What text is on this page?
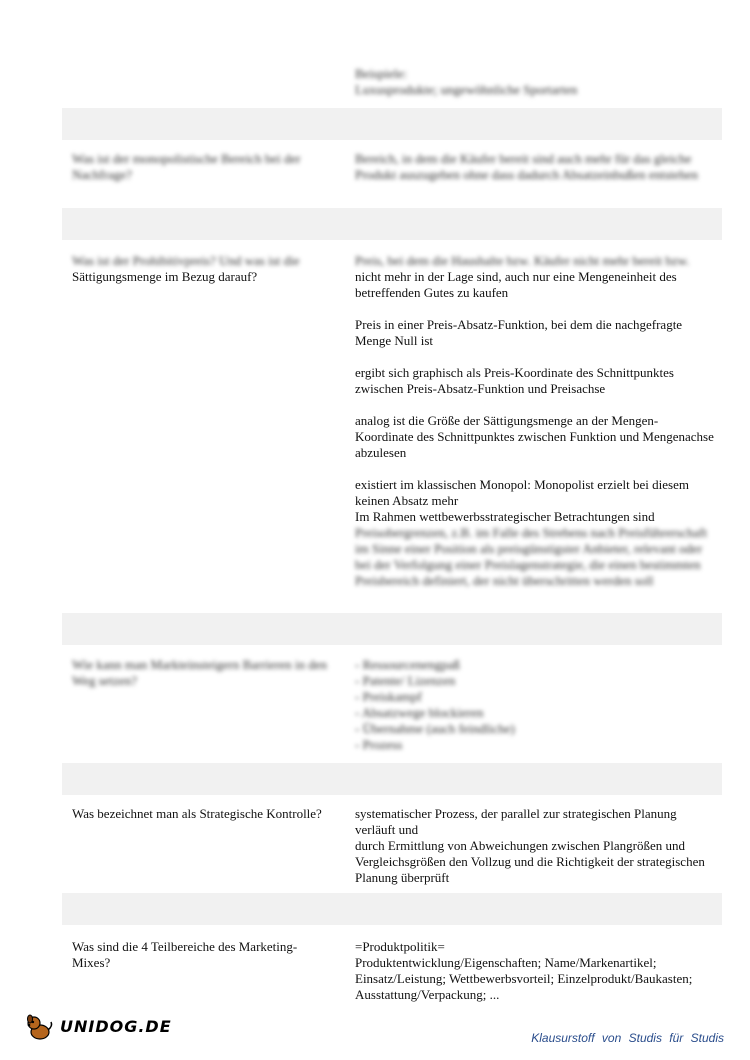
Beispiele:
Luxusprodukte; ungewöhnliche Sportarten
Was ist der monopolistische Bereich bei der Nachfrage?
Bereich, in dem die Käufer bereit sind auch mehr für das gleiche Produkt auszugeben ohne dass dadurch Absatzeinbußen entstehen
Was ist der Prohibitivpreis? Und was ist die
Sättigungsmenge im Bezug darauf?
Preis, bei dem die Haushalte bzw. Käufer nicht mehr bereit bzw.

nicht mehr in der Lage sind, auch nur eine Mengeneinheit des betreffenden Gutes zu kaufen

Preis in einer Preis-Absatz-Funktion, bei dem die nachgefragte Menge Null ist

ergibt sich graphisch als Preis-Koordinate des Schnittpunktes zwischen Preis-Absatz-Funktion und Preisachse

analog ist die Größe der Sättigungsmenge an der Mengen-Koordinate des Schnittpunktes zwischen Funktion und Mengenachse abzulesen

existiert im klassischen Monopol: Monopolist erzielt bei diesem keinen Absatz mehr

Im Rahmen wettbewerbsstrategischer Betrachtungen sind

Preisobergrenzen, z.B. im Falle des Strebens nach Preisführerschaft im Sinne einer Position als preisgünstigster Anbieter, relevant oder bei der Verfolgung einer Preislagenstrategie, die einen bestimmten Preisbereich definiert, der nicht überschritten werden soll
Wie kann man Markteinsteigern Barrieren in den Weg setzen?
- Ressourcenengpaß
- Patente/ Lizenzen
- Preiskampf
- Absatzwege blockieren
- Übernahme (auch feindliche)
- Prozess
Was bezeichnet man als Strategische Kontrolle?	systematischer Prozess, der parallel zur strategischen Planung verläuft und
durch Ermittlung von Abweichungen zwischen Plangrößen und Vergleichsgrößen den Vollzug und die Richtigkeit der strategischen Planung überprüft
Was sind die 4 Teilbereiche des Marketing-Mixes?
=Produktpolitik=
Produktentwicklung/Eigenschaften; Name/Markenartikel; Einsatz/Leistung; Wettbewerbsvorteil; Einzelprodukt/Baukasten; Ausstattung/Verpackung; ...
UNIDOG.DE
Klausurstoff von Studis für Studis
